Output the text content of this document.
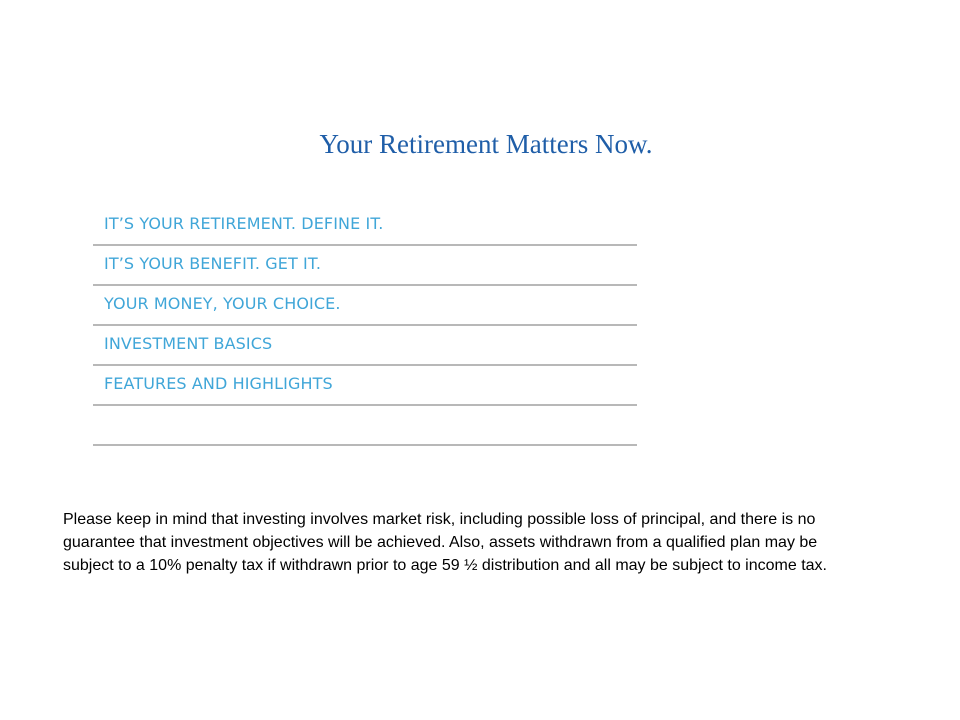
Your Retirement Matters Now.
IT’S YOUR RETIREMENT. DEFINE IT.
IT’S YOUR BENEFIT. GET IT.
YOUR MONEY, YOUR CHOICE.
INVESTMENT BASICS
FEATURES AND HIGHLIGHTS

Please keep in mind that investing involves market risk, including possible loss of principal, and there is no guarantee that investment objectives will be achieved. Also, assets withdrawn from a qualified plan may be subject to a 10% penalty tax if withdrawn prior to age 59 ½ distribution and all may be subject to income tax.
